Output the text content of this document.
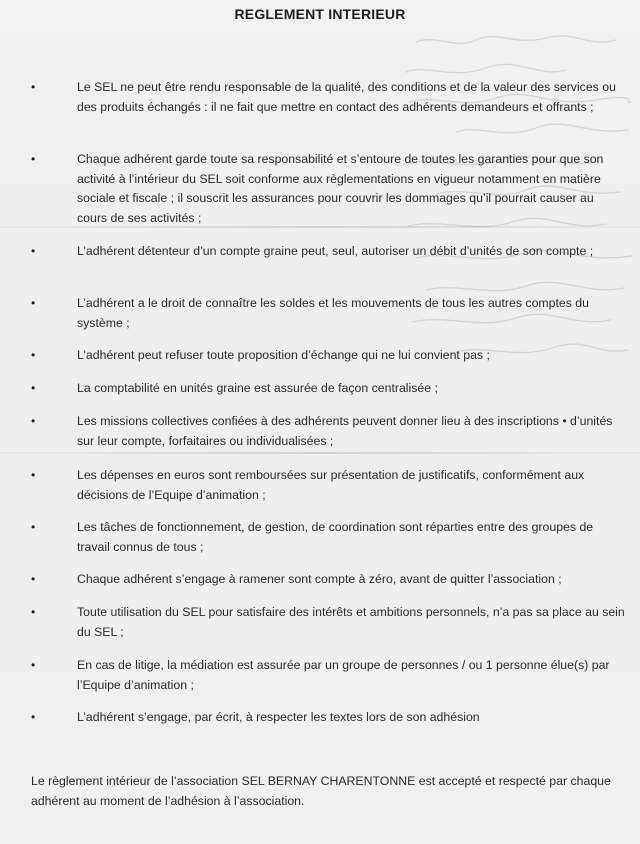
REGLEMENT INTERIEUR
•	Le SEL ne peut être rendu responsable de la qualité, des conditions et de la valeur des services ou des produits échangés : il ne fait que mettre en contact des adhérents demandeurs et offrants ;
•	Chaque adhérent garde toute sa responsabilité et s’entoure de toutes les garanties pour que son activité à l’intérieur du SEL soit conforme aux règlementations en vigueur notamment en matière sociale et fiscale ; il souscrit les assurances pour couvrir les dommages qu’il pourrait causer au cours de ses activités ;
•	L’adhérent détenteur d’un compte graine peut, seul, autoriser un débit d’unités de son compte ;
•	L’adhérent a le droit de connaître les soldes et les mouvements de tous les autres comptes du système ;
•	L’adhérent peut refuser toute proposition d’échange qui ne lui convient pas ;
•	La comptabilité en unités graine est assurée de façon centralisée ;
•	Les missions collectives confiées à des adhérents peuvent donner lieu à des inscriptions • d’unités sur leur compte, forfaitaires ou individualisées ;
•	Les dépenses en euros sont remboursées sur présentation de justificatifs, conformément aux décisions de l’Equipe d’animation ;
•	Les tâches de fonctionnement, de gestion, de coordination sont réparties entre des groupes de travail connus de tous ;
•	Chaque adhérent s’engage à ramener sont compte à zéro, avant de quitter l’association ;
•	Toute utilisation du SEL pour satisfaire des intérêts et ambitions personnels, n’a pas sa place au sein du SEL ;
•	En cas de litige, la médiation est assurée par un groupe de personnes / ou 1 personne élue(s) par l’Equipe d’animation ;
•	L’adhérent s’engage, par écrit, à respecter les textes lors de son adhésion

Le règlement intérieur de l’association SEL BERNAY CHARENTONNE est accepté et respecté par chaque adhérent au moment de l’adhésion à l’association.
